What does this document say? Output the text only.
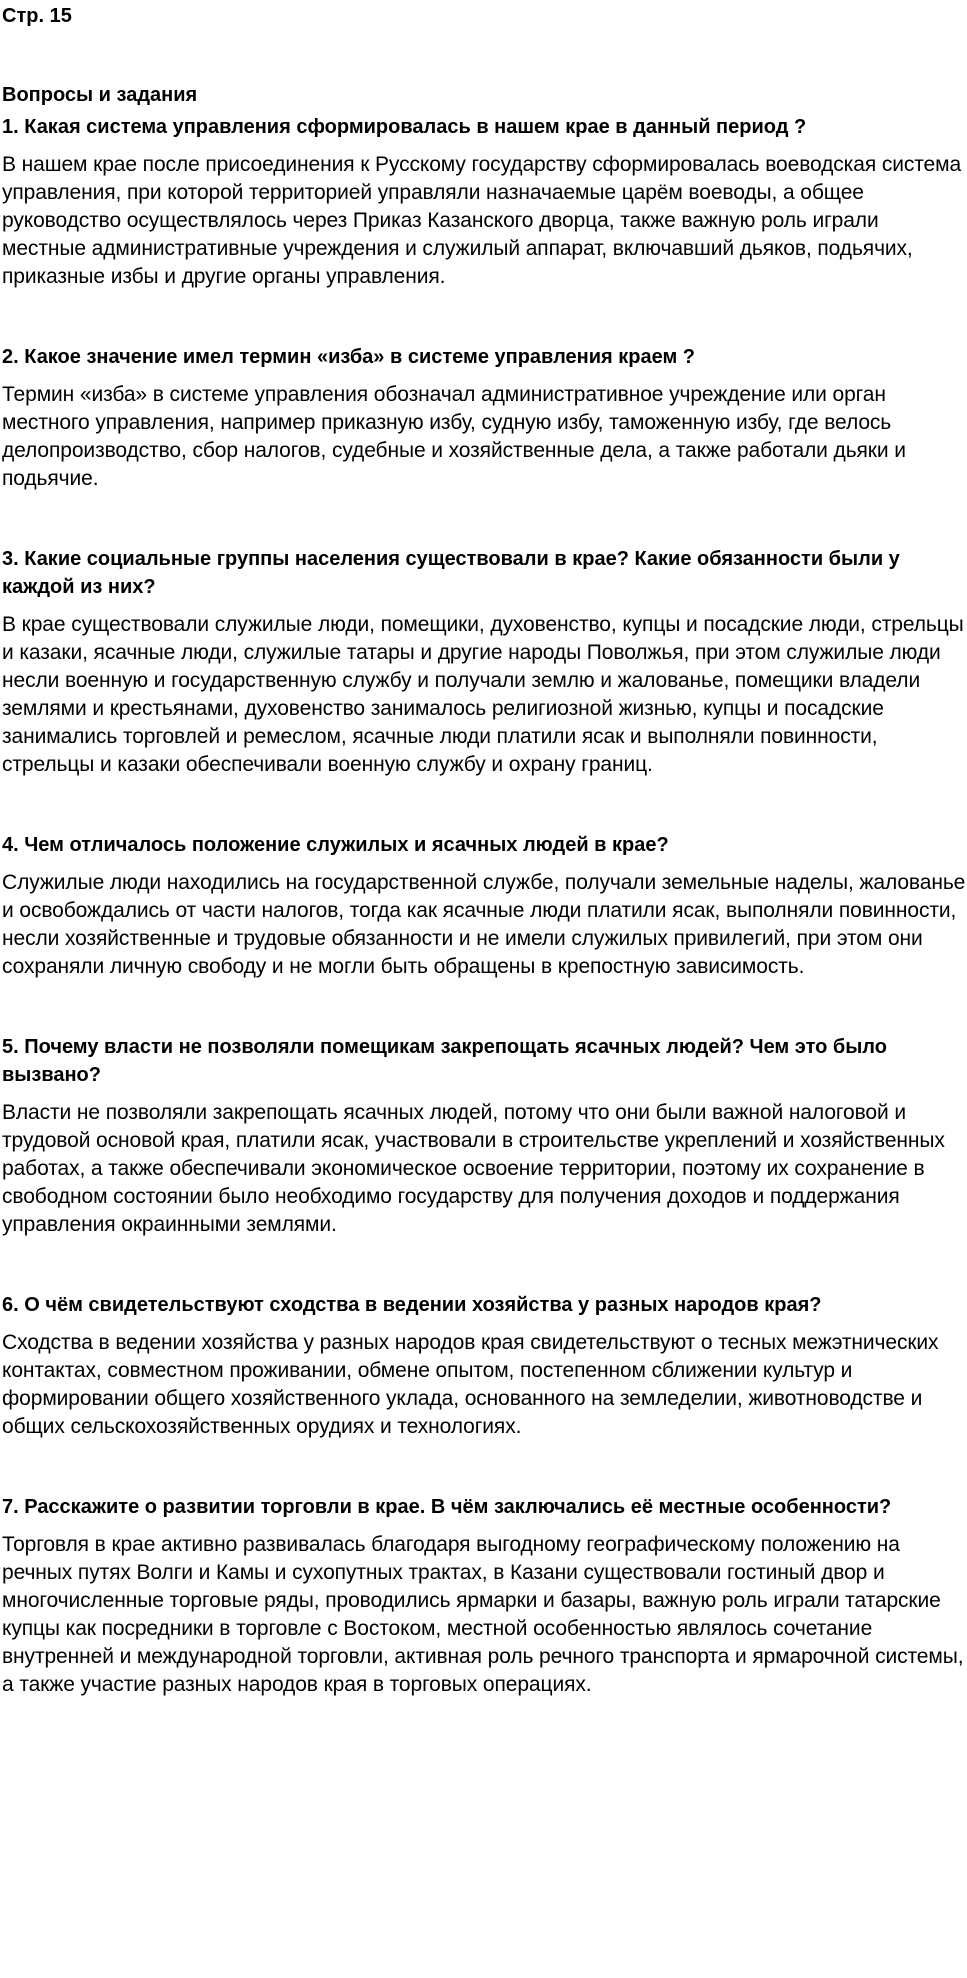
Стр. 15
Вопросы и задания
1. Какая система управления сформировалась в нашем крае в данный период ?
В нашем крае после присоединения к Русскому государству сформировалась воеводская система управления, при которой территорией управляли назначаемые царём воеводы, а общее руководство осуществлялось через Приказ Казанского дворца, также важную роль играли местные административные учреждения и служилый аппарат, включавший дьяков, подьячих, приказные избы и другие органы управления.
2. Какое значение имел термин «изба» в системе управления краем ?
Термин «изба» в системе управления обозначал административное учреждение или орган местного управления, например приказную избу, судную избу, таможенную избу, где велось делопроизводство, сбор налогов, судебные и хозяйственные дела, а также работали дьяки и подьячие.
3. Какие социальные группы населения существовали в крае? Какие обязанности были у каждой из них?
В крае существовали служилые люди, помещики, духовенство, купцы и посадские люди, стрельцы и казаки, ясачные люди, служилые татары и другие народы Поволжья, при этом служилые люди несли военную и государственную службу и получали землю и жалованье, помещики владели землями и крестьянами, духовенство занималось религиозной жизнью, купцы и посадские занимались торговлей и ремеслом, ясачные люди платили ясак и выполняли повинности, стрельцы и казаки обеспечивали военную службу и охрану границ.
4. Чем отличалось положение служилых и ясачных людей в крае?
Служилые люди находились на государственной службе, получали земельные наделы, жалованье и освобождались от части налогов, тогда как ясачные люди платили ясак, выполняли повинности, несли хозяйственные и трудовые обязанности и не имели служилых привилегий, при этом они сохраняли личную свободу и не могли быть обращены в крепостную зависимость.
5. Почему власти не позволяли помещикам закрепощать ясачных людей? Чем это было вызвано?
Власти не позволяли закрепощать ясачных людей, потому что они были важной налоговой и трудовой основой края, платили ясак, участвовали в строительстве укреплений и хозяйственных работах, а также обеспечивали экономическое освоение территории, поэтому их сохранение в свободном состоянии было необходимо государству для получения доходов и поддержания управления окраинными землями.
6. О чём свидетельствуют сходства в ведении хозяйства у разных народов края?
Сходства в ведении хозяйства у разных народов края свидетельствуют о тесных межэтнических контактах, совместном проживании, обмене опытом, постепенном сближении культур и формировании общего хозяйственного уклада, основанного на земледелии, животноводстве и общих сельскохозяйственных орудиях и технологиях.
7. Расскажите о развитии торговли в крае. В чём заключались её местные особенности?
Торговля в крае активно развивалась благодаря выгодному географическому положению на речных путях Волги и Камы и сухопутных трактах, в Казани существовали гостиный двор и многочисленные торговые ряды, проводились ярмарки и базары, важную роль играли татарские купцы как посредники в торговле с Востоком, местной особенностью являлось сочетание внутренней и международной торговли, активная роль речного транспорта и ярмарочной системы, а также участие разных народов края в торговых операциях.
